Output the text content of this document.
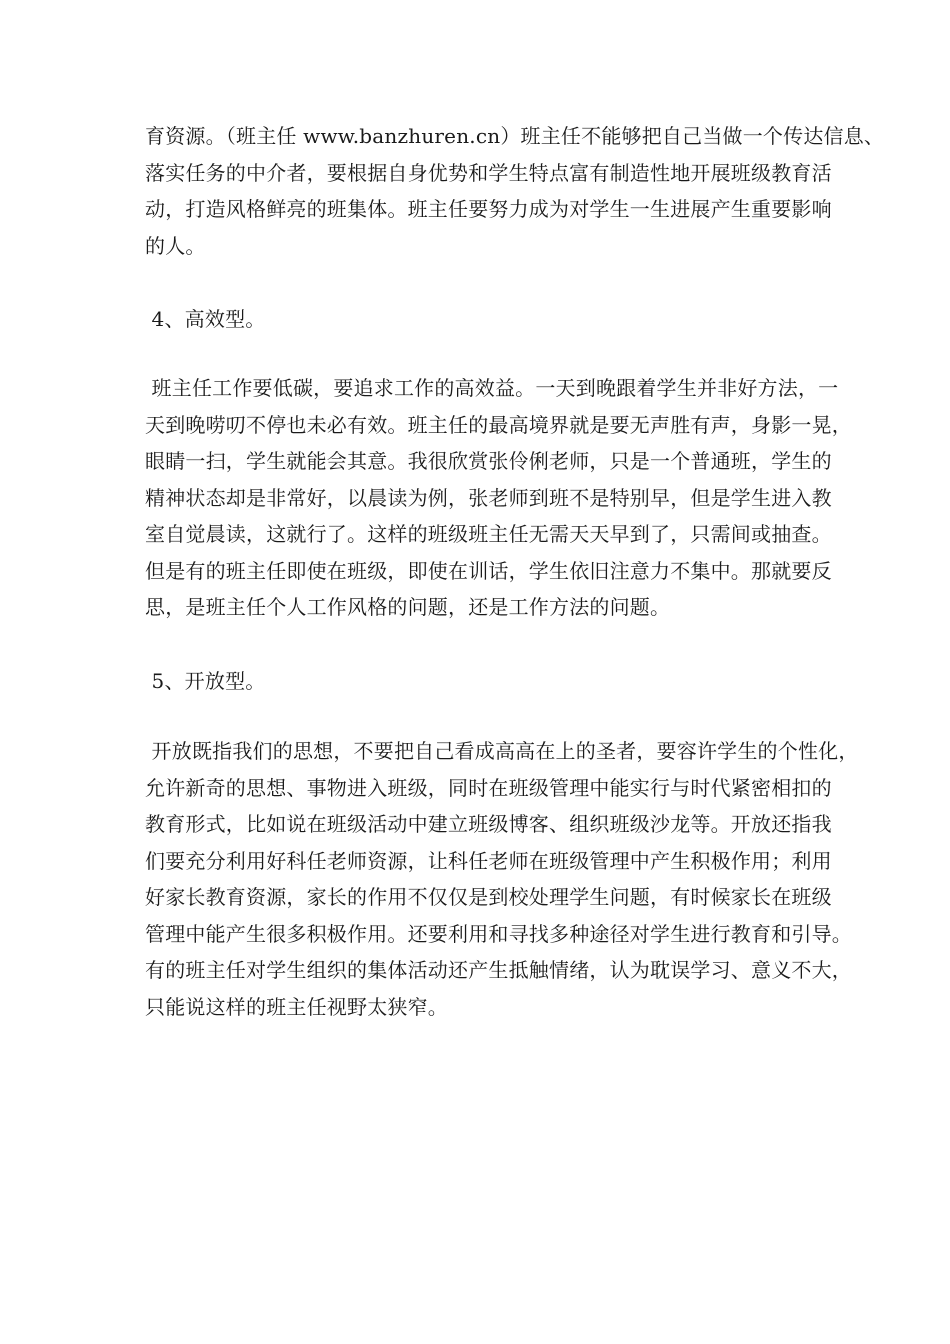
育资源。（班主任 www.banzhuren.cn）班主任不能够把自己当做一个传达信息、
落实任务的中介者，要根据自身优势和学生特点富有制造性地开展班级教育活
动，打造风格鲜亮的班集体。班主任要努力成为对学生一生进展产生重要影响
的人。
4、高效型。
班主任工作要低碳，要追求工作的高效益。一天到晚跟着学生并非好方法，一
天到晚唠叨不停也未必有效。班主任的最高境界就是要无声胜有声，身影一晃，
眼睛一扫，学生就能会其意。我很欣赏张伶俐老师，只是一个普通班，学生的
精神状态却是非常好，以晨读为例，张老师到班不是特别早，但是学生进入教
室自觉晨读，这就行了。这样的班级班主任无需天天早到了，只需间或抽查。
但是有的班主任即使在班级，即使在训话，学生依旧注意力不集中。那就要反
思，是班主任个人工作风格的问题，还是工作方法的问题。
5、开放型。
开放既指我们的思想，不要把自己看成高高在上的圣者，要容许学生的个性化，
允许新奇的思想、事物进入班级，同时在班级管理中能实行与时代紧密相扣的
教育形式，比如说在班级活动中建立班级博客、组织班级沙龙等。开放还指我
们要充分利用好科任老师资源，让科任老师在班级管理中产生积极作用；利用
好家长教育资源，家长的作用不仅仅是到校处理学生问题，有时候家长在班级
管理中能产生很多积极作用。还要利用和寻找多种途径对学生进行教育和引导。
有的班主任对学生组织的集体活动还产生抵触情绪，认为耽误学习、意义不大，
只能说这样的班主任视野太狭窄。
